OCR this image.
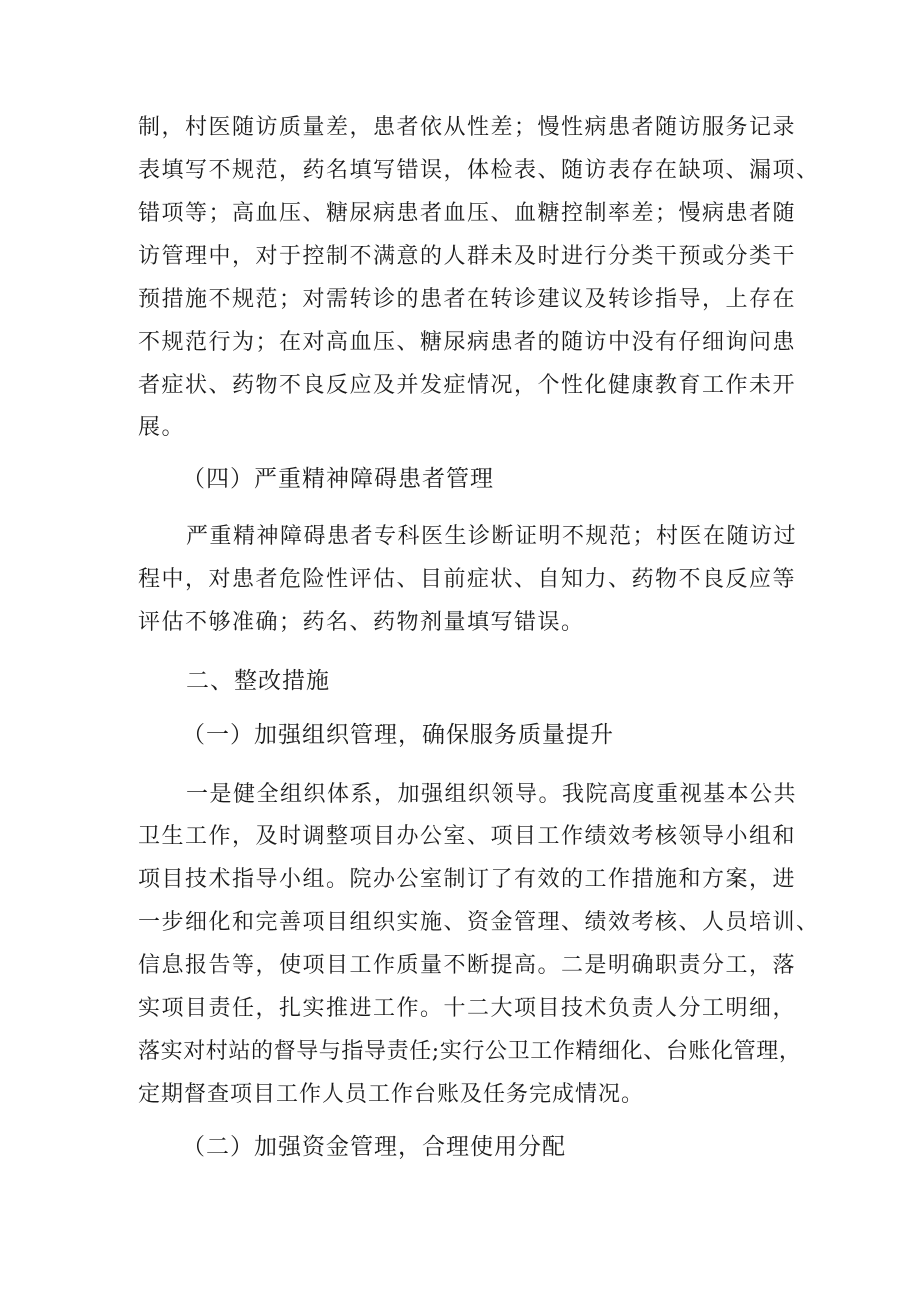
制，村医随访质量差，患者依从性差；慢性病患者随访服务记录
表填写不规范，药名填写错误，体检表、随访表存在缺项、漏项、
错项等；高血压、糖尿病患者血压、血糖控制率差；慢病患者随
访管理中，对于控制不满意的人群未及时进行分类干预或分类干
预措施不规范；对需转诊的患者在转诊建议及转诊指导，上存在
不规范行为；在对高血压、糖尿病患者的随访中没有仔细询问患
者症状、药物不良反应及并发症情况，个性化健康教育工作未开
展。
（四）严重精神障碍患者管理
严重精神障碍患者专科医生诊断证明不规范；村医在随访过
程中，对患者危险性评估、目前症状、自知力、药物不良反应等
评估不够准确；药名、药物剂量填写错误。
二、整改措施
（一）加强组织管理，确保服务质量提升
一是健全组织体系，加强组织领导。我院高度重视基本公共
卫生工作，及时调整项目办公室、项目工作绩效考核领导小组和
项目技术指导小组。院办公室制订了有效的工作措施和方案，进
一步细化和完善项目组织实施、资金管理、绩效考核、人员培训、
信息报告等，使项目工作质量不断提高。二是明确职责分工，落
实项目责任，扎实推进工作。十二大项目技术负责人分工明细，
落实对村站的督导与指导责任;实行公卫工作精细化、台账化管理，
定期督查项目工作人员工作台账及任务完成情况。
（二）加强资金管理，合理使用分配
